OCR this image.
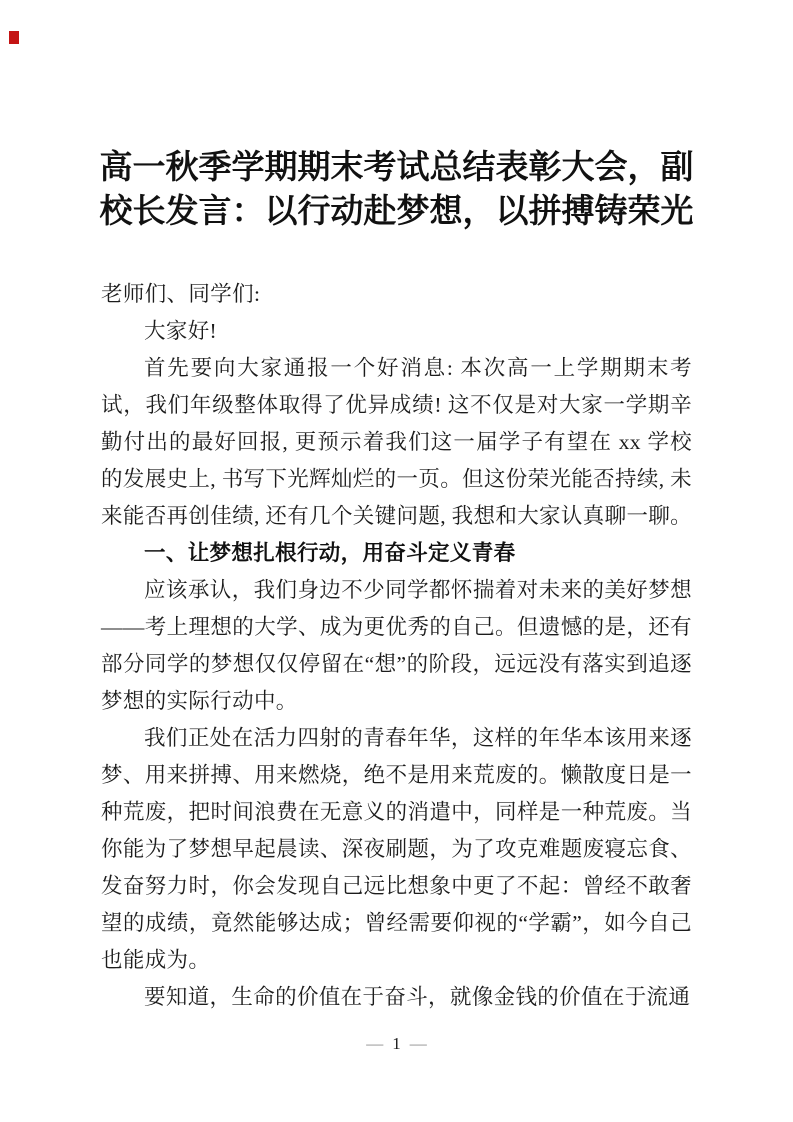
高一秋季学期期末考试总结表彰大会，副校长发言：以行动赴梦想，以拼搏铸荣光

老师们、同学们:

大家好!

首先要向大家通报一个好消息: 本次高一上学期期末考试，我们年级整体取得了优异成绩! 这不仅是对大家一学期辛勤付出的最好回报, 更预示着我们这一届学子有望在 xx 学校的发展史上, 书写下光辉灿烂的一页。但这份荣光能否持续, 未来能否再创佳绩, 还有几个关键问题, 我想和大家认真聊一聊。

一、让梦想扎根行动，用奋斗定义青春

应该承认，我们身边不少同学都怀揣着对未来的美好梦想——考上理想的大学、成为更优秀的自己。但遗憾的是，还有部分同学的梦想仅仅停留在“想”的阶段，远远没有落实到追逐梦想的实际行动中。

我们正处在活力四射的青春年华，这样的年华本该用来逐梦、用来拼搏、用来燃烧，绝不是用来荒废的。懒散度日是一种荒废，把时间浪费在无意义的消遣中，同样是一种荒废。当你能为了梦想早起晨读、深夜刷题，为了攻克难题废寝忘食、发奋努力时，你会发现自己远比想象中更了不起：曾经不敢奢望的成绩，竟然能够达成；曾经需要仰视的“学霸”，如今自己也能成为。

要知道，生命的价值在于奋斗，就像金钱的价值在于流通

— 1 —
